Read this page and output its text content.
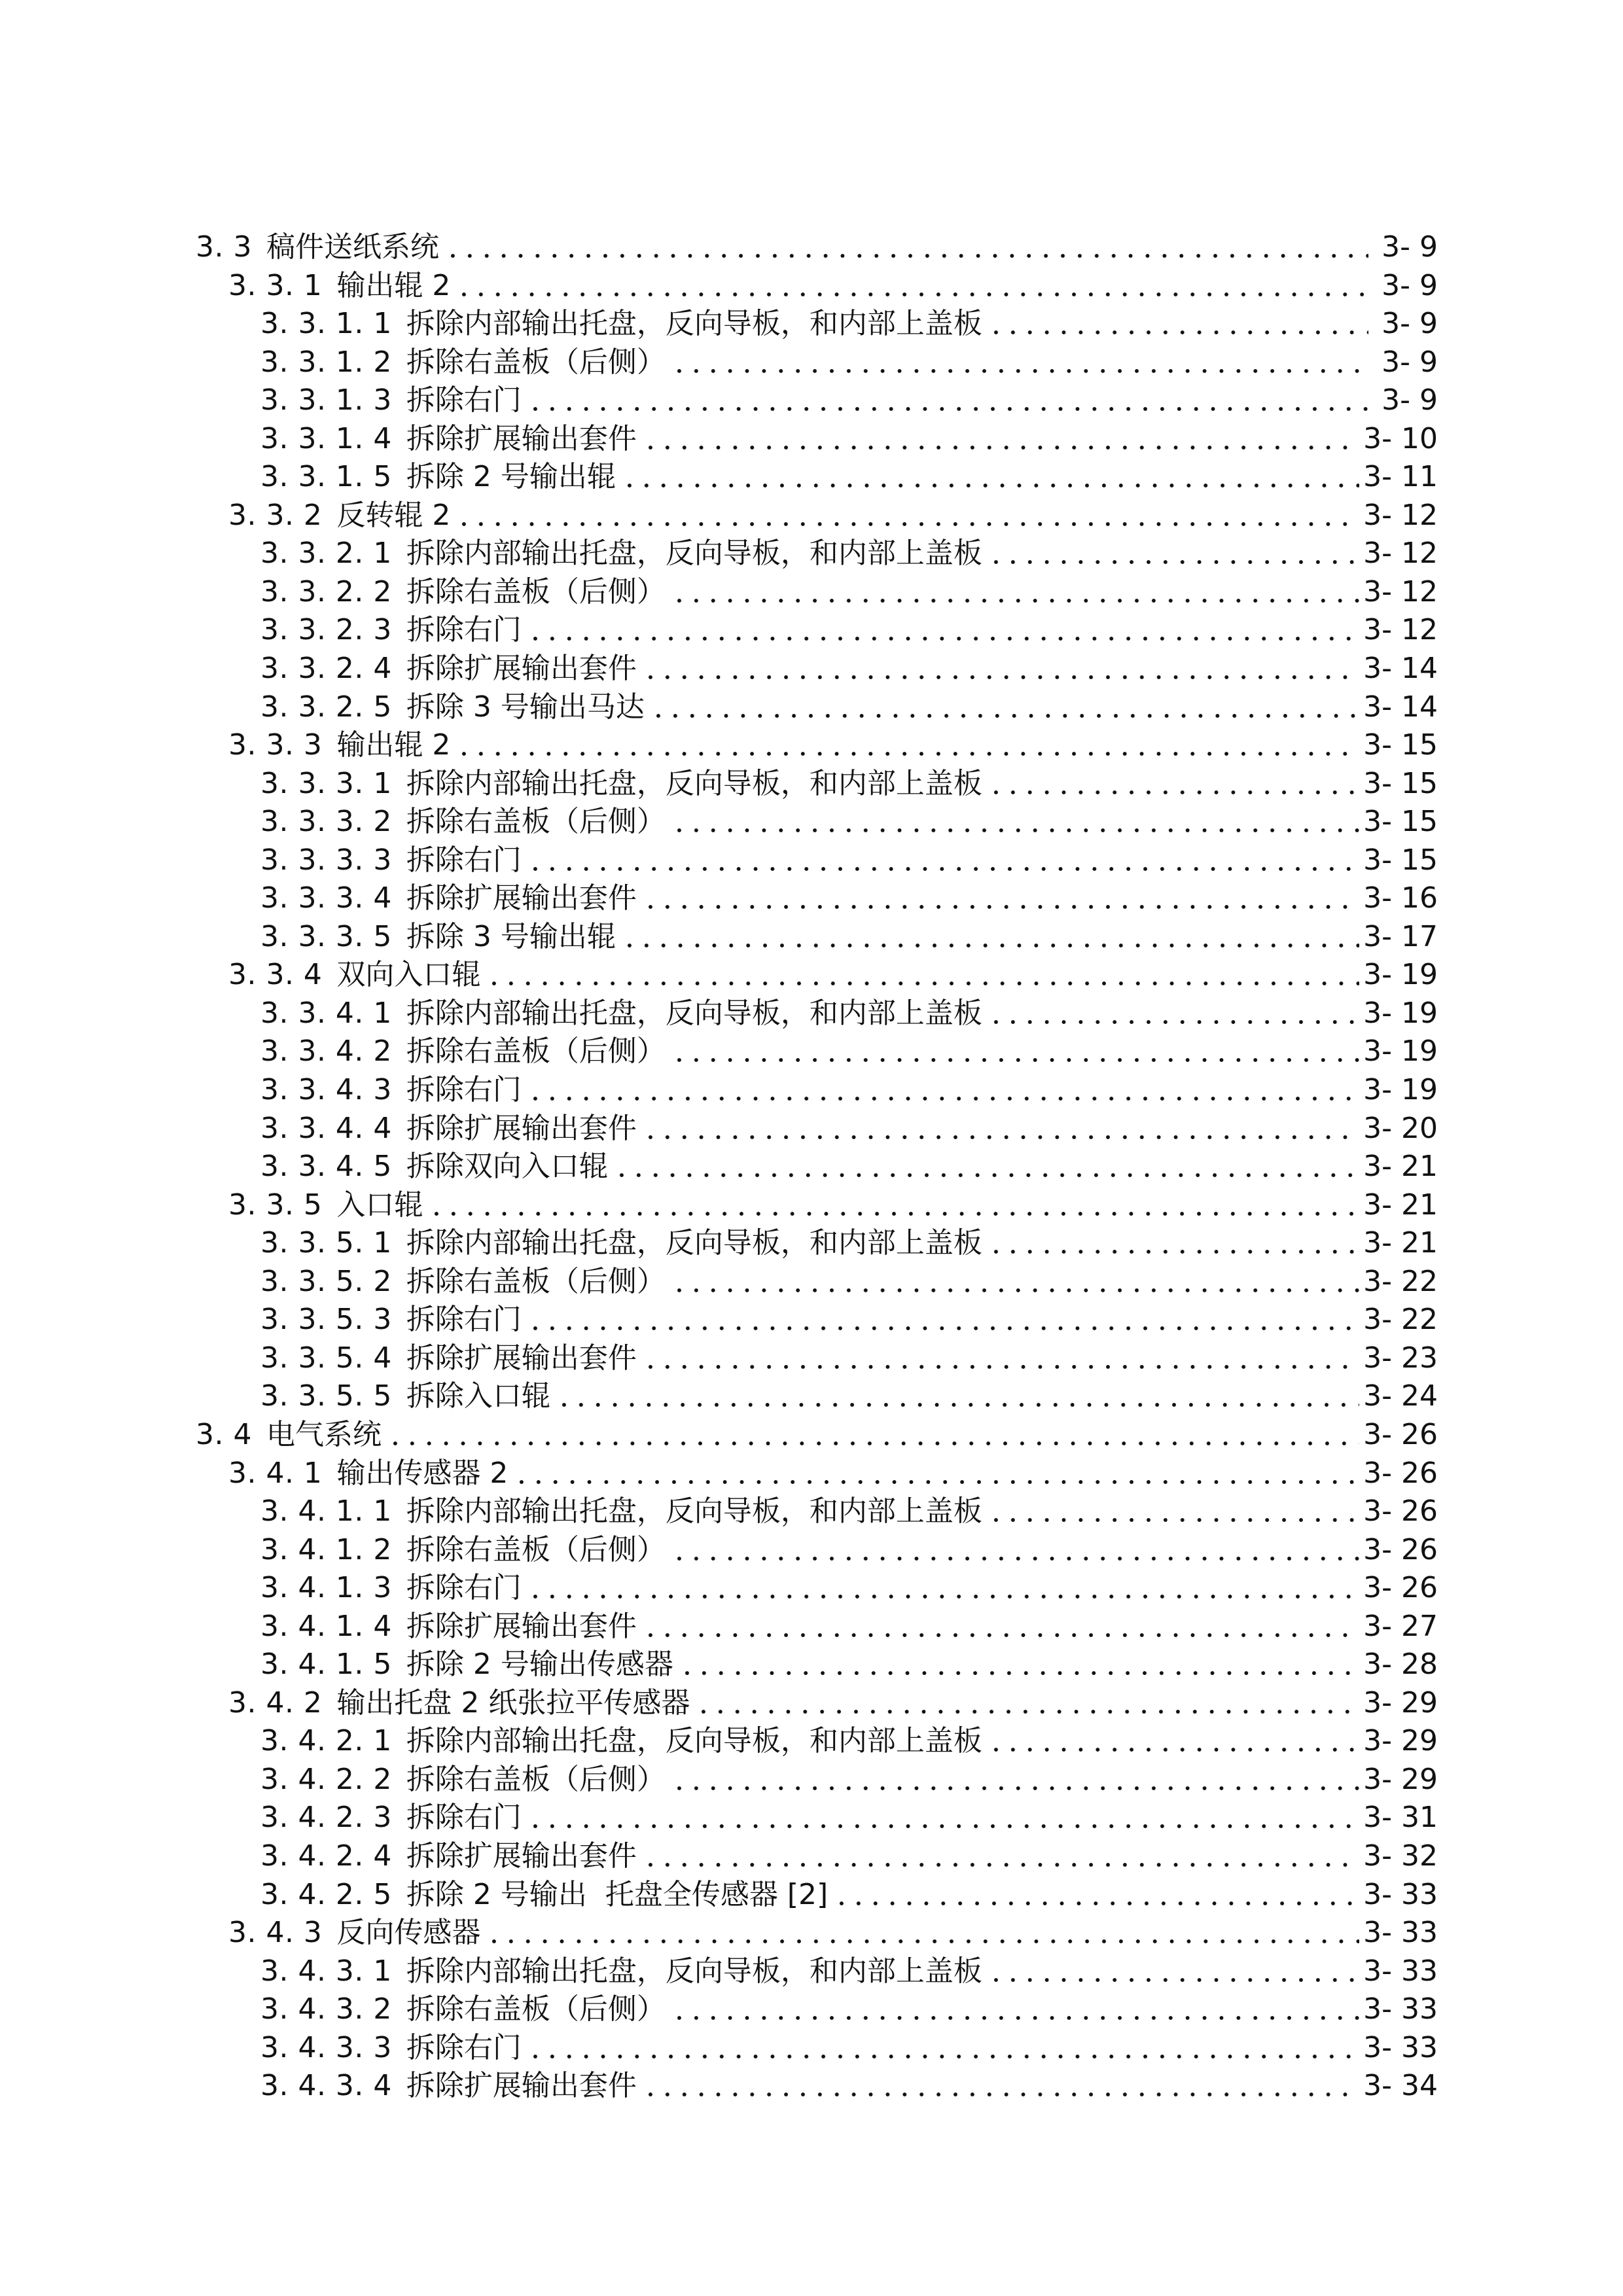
3. 3 稿件送纸系统	3- 9
3. 3. 1 输出辊 2	3- 9
3. 3. 1. 1 拆除内部输出托盘，反向导板，和内部上盖板	3- 9
3. 3. 1. 2 拆除右盖板（后侧）	3- 9
3. 3. 1. 3 拆除右门	3- 9
3. 3. 1. 4 拆除扩展输出套件	3- 10
3. 3. 1. 5 拆除 2 号输出辊	3- 11
3. 3. 2 反转辊 2	3- 12
3. 3. 2. 1 拆除内部输出托盘，反向导板，和内部上盖板	3- 12
3. 3. 2. 2 拆除右盖板（后侧）	3- 12
3. 3. 2. 3 拆除右门	3- 12
3. 3. 2. 4 拆除扩展输出套件	3- 14
3. 3. 2. 5 拆除 3 号输出马达	3- 14
3. 3. 3 输出辊 2	3- 15
3. 3. 3. 1 拆除内部输出托盘，反向导板，和内部上盖板	3- 15
3. 3. 3. 2 拆除右盖板（后侧）	3- 15
3. 3. 3. 3 拆除右门	3- 15
3. 3. 3. 4 拆除扩展输出套件	3- 16
3. 3. 3. 5 拆除 3 号输出辊	3- 17
3. 3. 4 双向入口辊	3- 19
3. 3. 4. 1 拆除内部输出托盘，反向导板，和内部上盖板	3- 19
3. 3. 4. 2 拆除右盖板（后侧）	3- 19
3. 3. 4. 3 拆除右门	3- 19
3. 3. 4. 4 拆除扩展输出套件	3- 20
3. 3. 4. 5 拆除双向入口辊	3- 21
3. 3. 5 入口辊	3- 21
3. 3. 5. 1 拆除内部输出托盘，反向导板，和内部上盖板	3- 21
3. 3. 5. 2 拆除右盖板（后侧）	3- 22
3. 3. 5. 3 拆除右门	3- 22
3. 3. 5. 4 拆除扩展输出套件	3- 23
3. 3. 5. 5 拆除入口辊	3- 24
3. 4 电气系统	3- 26
3. 4. 1 输出传感器 2	3- 26
3. 4. 1. 1 拆除内部输出托盘，反向导板，和内部上盖板	3- 26
3. 4. 1. 2 拆除右盖板（后侧）	3- 26
3. 4. 1. 3 拆除右门	3- 26
3. 4. 1. 4 拆除扩展输出套件	3- 27
3. 4. 1. 5 拆除 2 号输出传感器	3- 28
3. 4. 2 输出托盘 2 纸张拉平传感器	3- 29
3. 4. 2. 1 拆除内部输出托盘，反向导板，和内部上盖板	3- 29
3. 4. 2. 2 拆除右盖板（后侧）	3- 29
3. 4. 2. 3 拆除右门	3- 31
3. 4. 2. 4 拆除扩展输出套件	3- 32
3. 4. 2. 5 拆除 2 号输出  托盘全传感器 [2]	3- 33
3. 4. 3 反向传感器	3- 33
3. 4. 3. 1 拆除内部输出托盘，反向导板，和内部上盖板	3- 33
3. 4. 3. 2 拆除右盖板（后侧）	3- 33
3. 4. 3. 3 拆除右门	3- 33
3. 4. 3. 4 拆除扩展输出套件	3- 34
